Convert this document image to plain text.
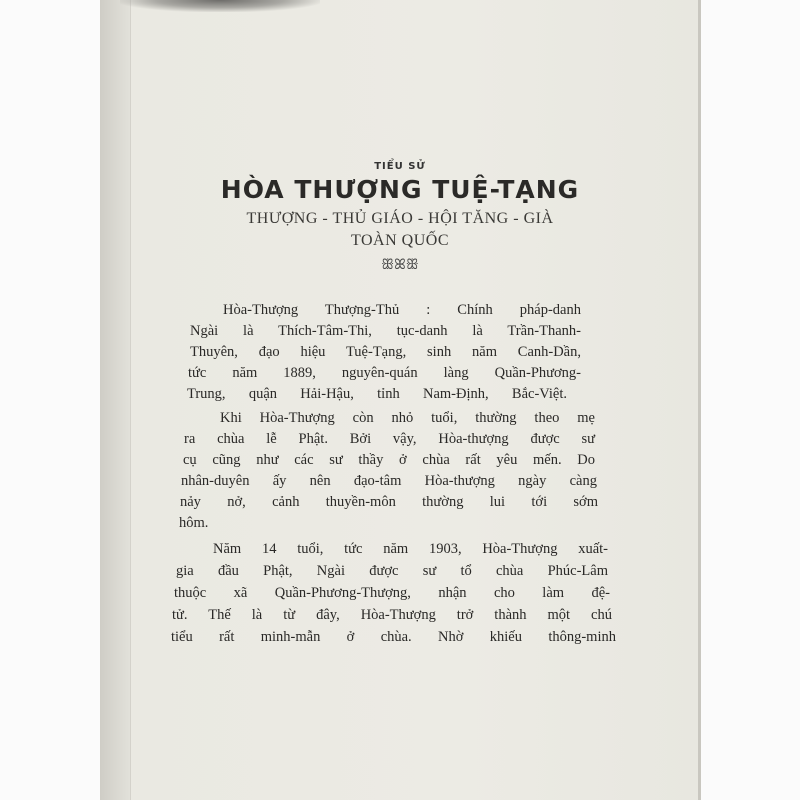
TIỂU SỬ
HÒA THƯỢNG TUỆ-TẠNG
THƯỢNG - THỦ GIÁO - HỘI TĂNG - GIÀ
TOÀN QUỐC
ꕥꕤꕥ
Hòa-Thượng Thượng-Thủ : Chính pháp-danh
Ngài là Thích-Tâm-Thi, tục-danh là Trần-Thanh-
Thuyên, đạo hiệu Tuệ-Tạng, sinh năm Canh-Dần,
tức năm 1889, nguyên-quán làng Quần-Phương-
Trung, quận Hải-Hậu, tỉnh Nam-Định, Bắc-Việt.
Khi Hòa-Thượng còn nhỏ tuổi, thường theo mẹ
ra chùa lễ Phật. Bởi vậy, Hòa-thượng được sư
cụ cũng như các sư thầy ở chùa rất yêu mến. Do
nhân-duyên ấy nên đạo-tâm Hòa-thượng ngày càng
nảy nở, cảnh thuyền-môn thường lui tới sớm
hôm.
Năm 14 tuổi, tức năm 1903, Hòa-Thượng xuất-
gia đầu Phật, Ngài được sư tổ chùa Phúc-Lâm
thuộc xã Quần-Phương-Thượng, nhận cho làm đệ-
tử. Thế là từ đây, Hòa-Thượng trở thành một chú
tiểu rất minh-mẫn ở chùa. Nhờ khiếu thông-minh
